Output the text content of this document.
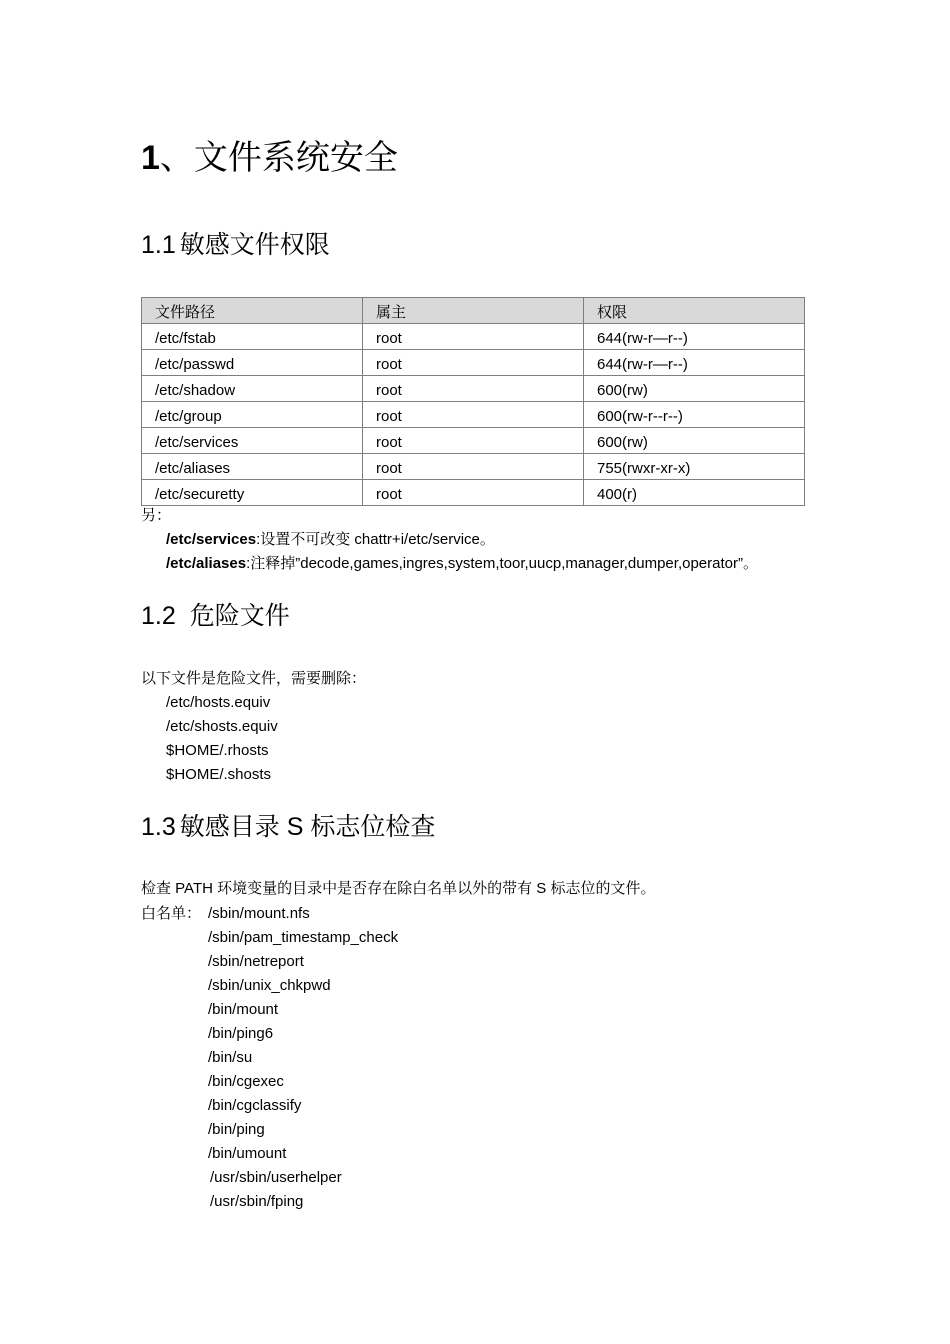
1、文件系统安全
1.1 敏感文件权限
文件路径	属主	权限
/etc/fstab	root	644(rw-r—r--)
/etc/passwd	root	644(rw-r—r--)
/etc/shadow	root	600(rw)
/etc/group	root	600(rw-r--r--)
/etc/services	root	600(rw)
/etc/aliases	root	755(rwxr-xr-x)
/etc/securetty	root	400(r)
另：
/etc/services:设置不可改变 chattr+i/etc/service。
/etc/aliases:注释掉”decode,games,ingres,system,toor,uucp,manager,dumper,operator”。
1.2 危险文件
以下文件是危险文件，需要删除：
/etc/hosts.equiv
/etc/shosts.equiv
$HOME/.rhosts
$HOME/.shosts
1.3 敏感目录 S 标志位检查
检查 PATH 环境变量的目录中是否存在除白名单以外的带有 S 标志位的文件。
白名单： /sbin/mount.nfs
/sbin/pam_timestamp_check
/sbin/netreport
/sbin/unix_chkpwd
/bin/mount
/bin/ping6
/bin/su
/bin/cgexec
/bin/cgclassify
/bin/ping
/bin/umount
/usr/sbin/userhelper
/usr/sbin/fping
